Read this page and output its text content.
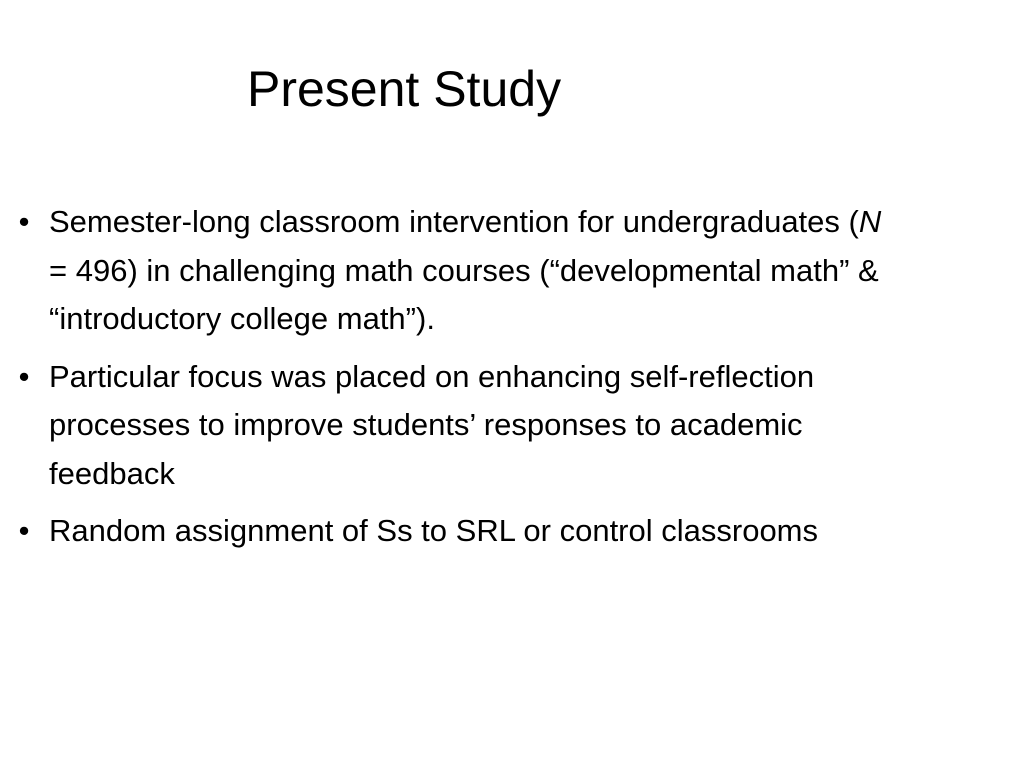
Present Study
• Semester-long classroom intervention for undergraduates (N = 496) in challenging math courses (“developmental math” & “introductory college math”).
• Particular focus was placed on enhancing self-reflection processes to improve students’ responses to academic feedback
• Random assignment of Ss to SRL or control classrooms
